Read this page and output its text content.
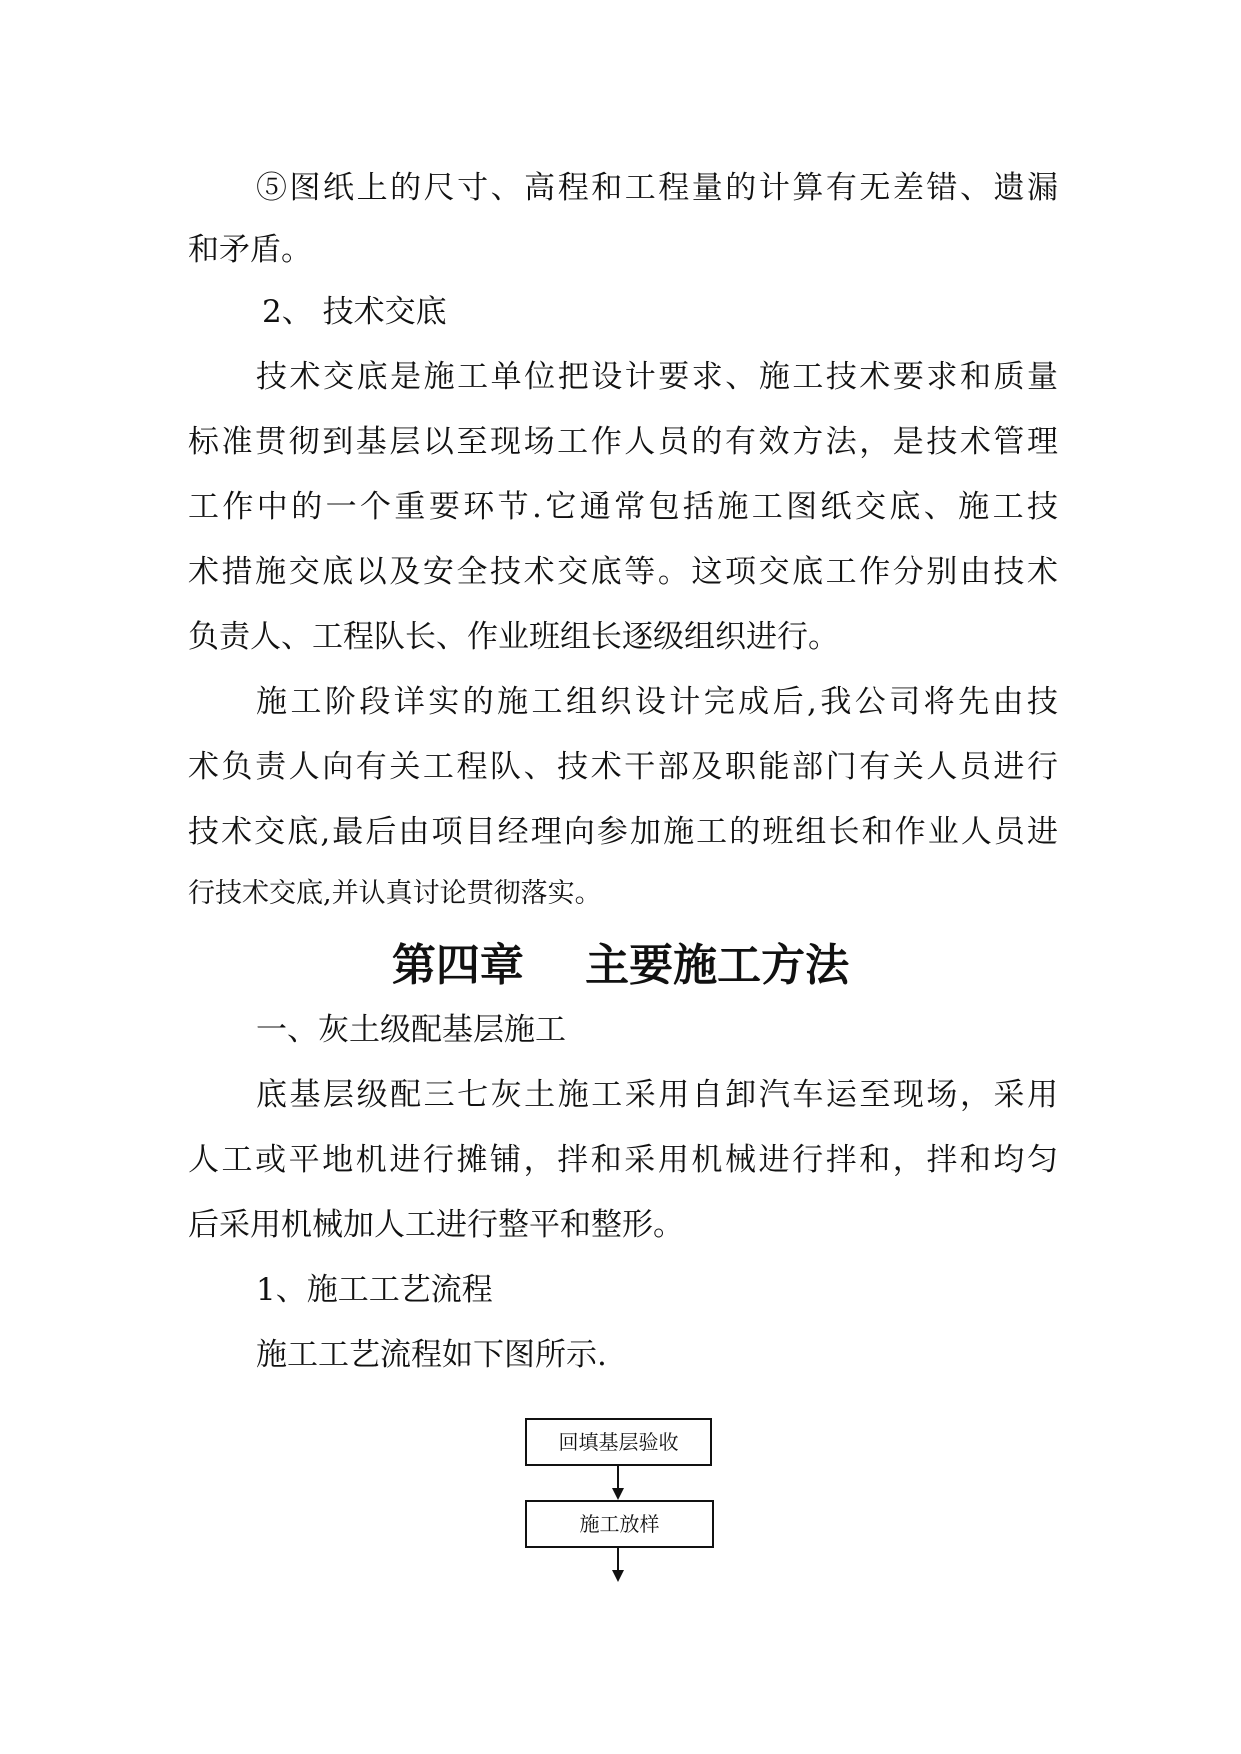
⑤图纸上的尺寸、高程和工程量的计算有无差错、遗漏
和矛盾。
2、 技术交底
技术交底是施工单位把设计要求、施工技术要求和质量
标准贯彻到基层以至现场工作人员的有效方法，是技术管理
工作中的一个重要环节.它通常包括施工图纸交底、施工技
术措施交底以及安全技术交底等。这项交底工作分别由技术
负责人、工程队长、作业班组长逐级组织进行。
施工阶段详实的施工组织设计完成后,我公司将先由技
术负责人向有关工程队、技术干部及职能部门有关人员进行
技术交底,最后由项目经理向参加施工的班组长和作业人员进
行技术交底,并认真讨论贯彻落实。
第四章    主要施工方法
一、灰土级配基层施工
底基层级配三七灰土施工采用自卸汽车运至现场，采用
人工或平地机进行摊铺，拌和采用机械进行拌和，拌和均匀
后采用机械加人工进行整平和整形。
1、施工工艺流程
施工工艺流程如下图所示.
回填基层验收
施工放样
